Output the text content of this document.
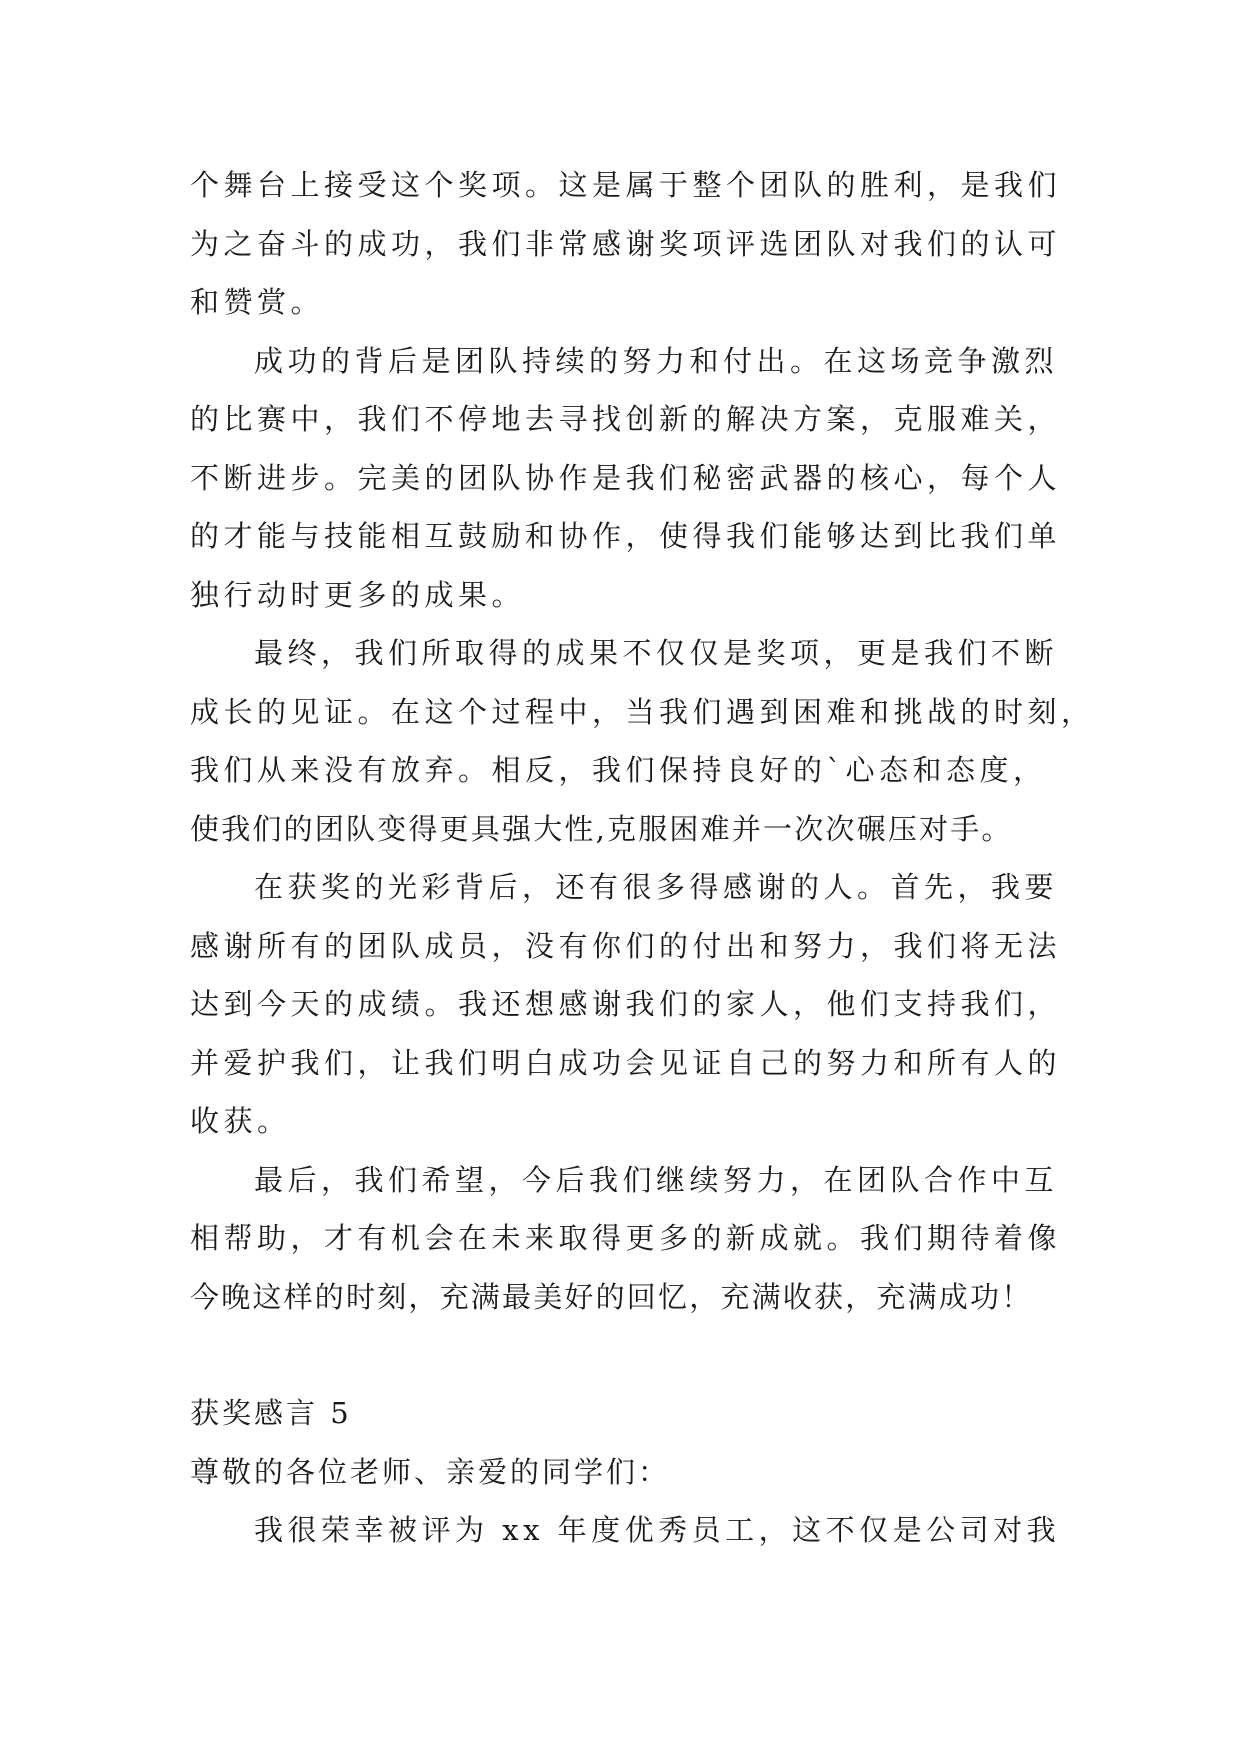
个舞台上接受这个奖项。这是属于整个团队的胜利，是我们
为之奋斗的成功，我们非常感谢奖项评选团队对我们的认可
和赞赏。

成功的背后是团队持续的努力和付出。在这场竞争激烈
的比赛中，我们不停地去寻找创新的解决方案，克服难关，
不断进步。完美的团队协作是我们秘密武器的核心，每个人
的才能与技能相互鼓励和协作，使得我们能够达到比我们单
独行动时更多的成果。

最终，我们所取得的成果不仅仅是奖项，更是我们不断
成长的见证。在这个过程中，当我们遇到困难和挑战的时刻，
我们从来没有放弃。相反，我们保持良好的`心态和态度，
使我们的团队变得更具强大性,克服困难并一次次碾压对手。

在获奖的光彩背后，还有很多得感谢的人。首先，我要
感谢所有的团队成员，没有你们的付出和努力，我们将无法
达到今天的成绩。我还想感谢我们的家人，他们支持我们，
并爱护我们，让我们明白成功会见证自己的努力和所有人的
收获。

最后，我们希望，今后我们继续努力，在团队合作中互
相帮助，才有机会在未来取得更多的新成就。我们期待着像
今晚这样的时刻，充满最美好的回忆，充满收获，充满成功！

获奖感言 5

尊敬的各位老师、亲爱的同学们：

我很荣幸被评为 xx 年度优秀员工，这不仅是公司对我
